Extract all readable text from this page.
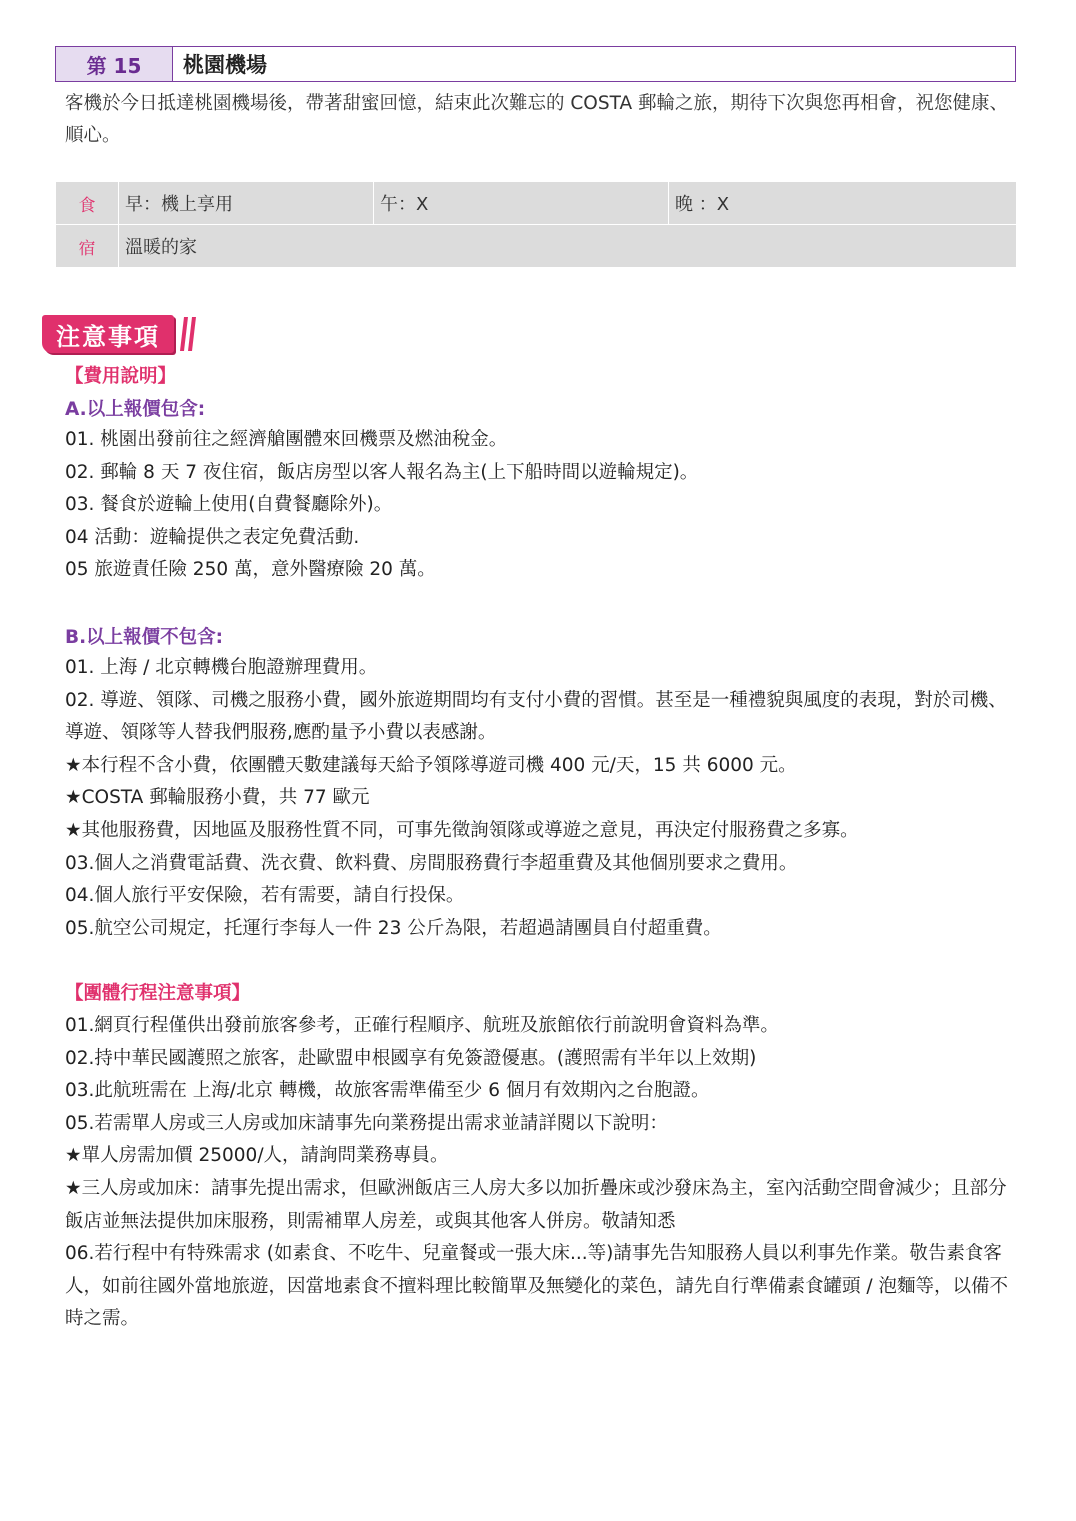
第 15	桃園機場
客機於今日抵達桃園機場後，帶著甜蜜回憶，結束此次難忘的 COSTA 郵輪之旅，期待下次與您再相會，祝您健康、順心。
食	早：機上享用	午：X	晚 ：X
宿	溫暖的家		
注意事項
【費用說明】
A.以上報價包含:
01. 桃園出發前往之經濟艙團體來回機票及燃油稅金。
02. 郵輪 8 天 7 夜住宿，飯店房型以客人報名為主(上下船時間以遊輪規定)。
03. 餐食於遊輪上使用(自費餐廳除外)。
04 活動：遊輪提供之表定免費活動.
05 旅遊責任險 250 萬，意外醫療險 20 萬。
B.以上報價不包含:
01. 上海 / 北京轉機台胞證辦理費用。
02. 導遊、領隊、司機之服務小費，國外旅遊期間均有支付小費的習慣。甚至是一種禮貌與風度的表現，對於司機、導遊、領隊等人替我們服務,應酌量予小費以表感謝。
★本行程不含小費，依團體天數建議每天給予領隊導遊司機 400 元/天，15 共 6000 元。
★COSTA 郵輪服務小費，共 77 歐元
★其他服務費，因地區及服務性質不同，可事先徵詢領隊或導遊之意見，再決定付服務費之多寡。
03.個人之消費電話費、洗衣費、飲料費、房間服務費行李超重費及其他個別要求之費用。
04.個人旅行平安保險，若有需要，請自行投保。
05.航空公司規定，托運行李每人一件 23 公斤為限，若超過請團員自付超重費。
【團體行程注意事項】
01.網頁行程僅供出發前旅客參考，正確行程順序、航班及旅館依行前說明會資料為準。
02.持中華民國護照之旅客，赴歐盟申根國享有免簽證優惠。(護照需有半年以上效期)
03.此航班需在 上海/北京 轉機，故旅客需準備至少 6 個月有效期內之台胞證。
05.若需單人房或三人房或加床請事先向業務提出需求並請詳閱以下說明：
★單人房需加價 25000/人，請詢問業務專員。
★三人房或加床：請事先提出需求，但歐洲飯店三人房大多以加折疊床或沙發床為主，室內活動空間會減少；且部分飯店並無法提供加床服務，則需補單人房差，或與其他客人併房。敬請知悉
06.若行程中有特殊需求 (如素食、不吃牛、兒童餐或一張大床...等)請事先告知服務人員以利事先作業。敬告素食客人，如前往國外當地旅遊，因當地素食不擅料理比較簡單及無變化的菜色，請先自行準備素食罐頭 / 泡麵等，以備不時之需。
